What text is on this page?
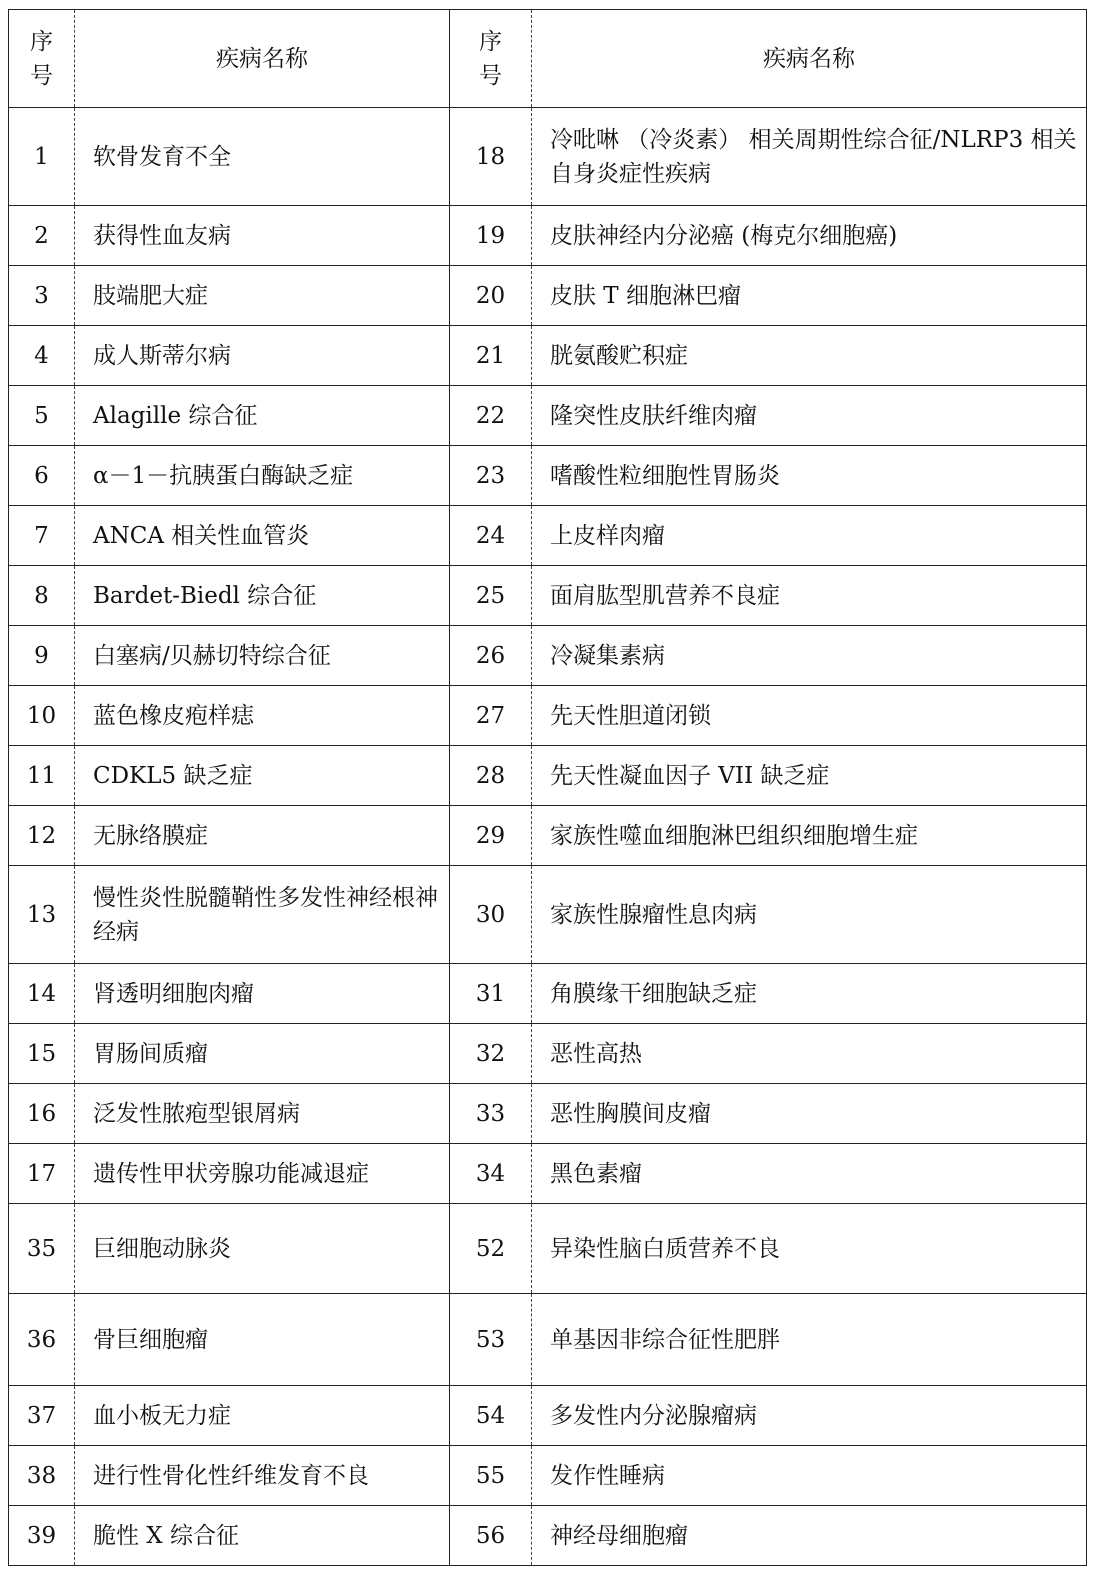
序号	疾病名称	序号	疾病名称
1	软骨发育不全	18	冷吡啉 （冷炎素） 相关周期性综合征/NLRP3 相关自身炎症性疾病
2	获得性血友病	19	皮肤神经内分泌癌 (梅克尔细胞癌)
3	肢端肥大症	20	皮肤 T 细胞淋巴瘤
4	成人斯蒂尔病	21	胱氨酸贮积症
5	Alagille 综合征	22	隆突性皮肤纤维肉瘤
6	α－1－抗胰蛋白酶缺乏症	23	嗜酸性粒细胞性胃肠炎
7	ANCA 相关性血管炎	24	上皮样肉瘤
8	Bardet-Biedl 综合征	25	面肩肱型肌营养不良症
9	白塞病/贝赫切特综合征	26	冷凝集素病
10	蓝色橡皮疱样痣	27	先天性胆道闭锁
11	CDKL5 缺乏症	28	先天性凝血因子 VII 缺乏症
12	无脉络膜症	29	家族性噬血细胞淋巴组织细胞增生症
13	慢性炎性脱髓鞘性多发性神经根神经病	30	家族性腺瘤性息肉病
14	肾透明细胞肉瘤	31	角膜缘干细胞缺乏症
15	胃肠间质瘤	32	恶性高热
16	泛发性脓疱型银屑病	33	恶性胸膜间皮瘤
17	遗传性甲状旁腺功能减退症	34	黑色素瘤
35	巨细胞动脉炎	52	异染性脑白质营养不良
36	骨巨细胞瘤	53	单基因非综合征性肥胖
37	血小板无力症	54	多发性内分泌腺瘤病
38	进行性骨化性纤维发育不良	55	发作性睡病
39	脆性 X 综合征	56	神经母细胞瘤
